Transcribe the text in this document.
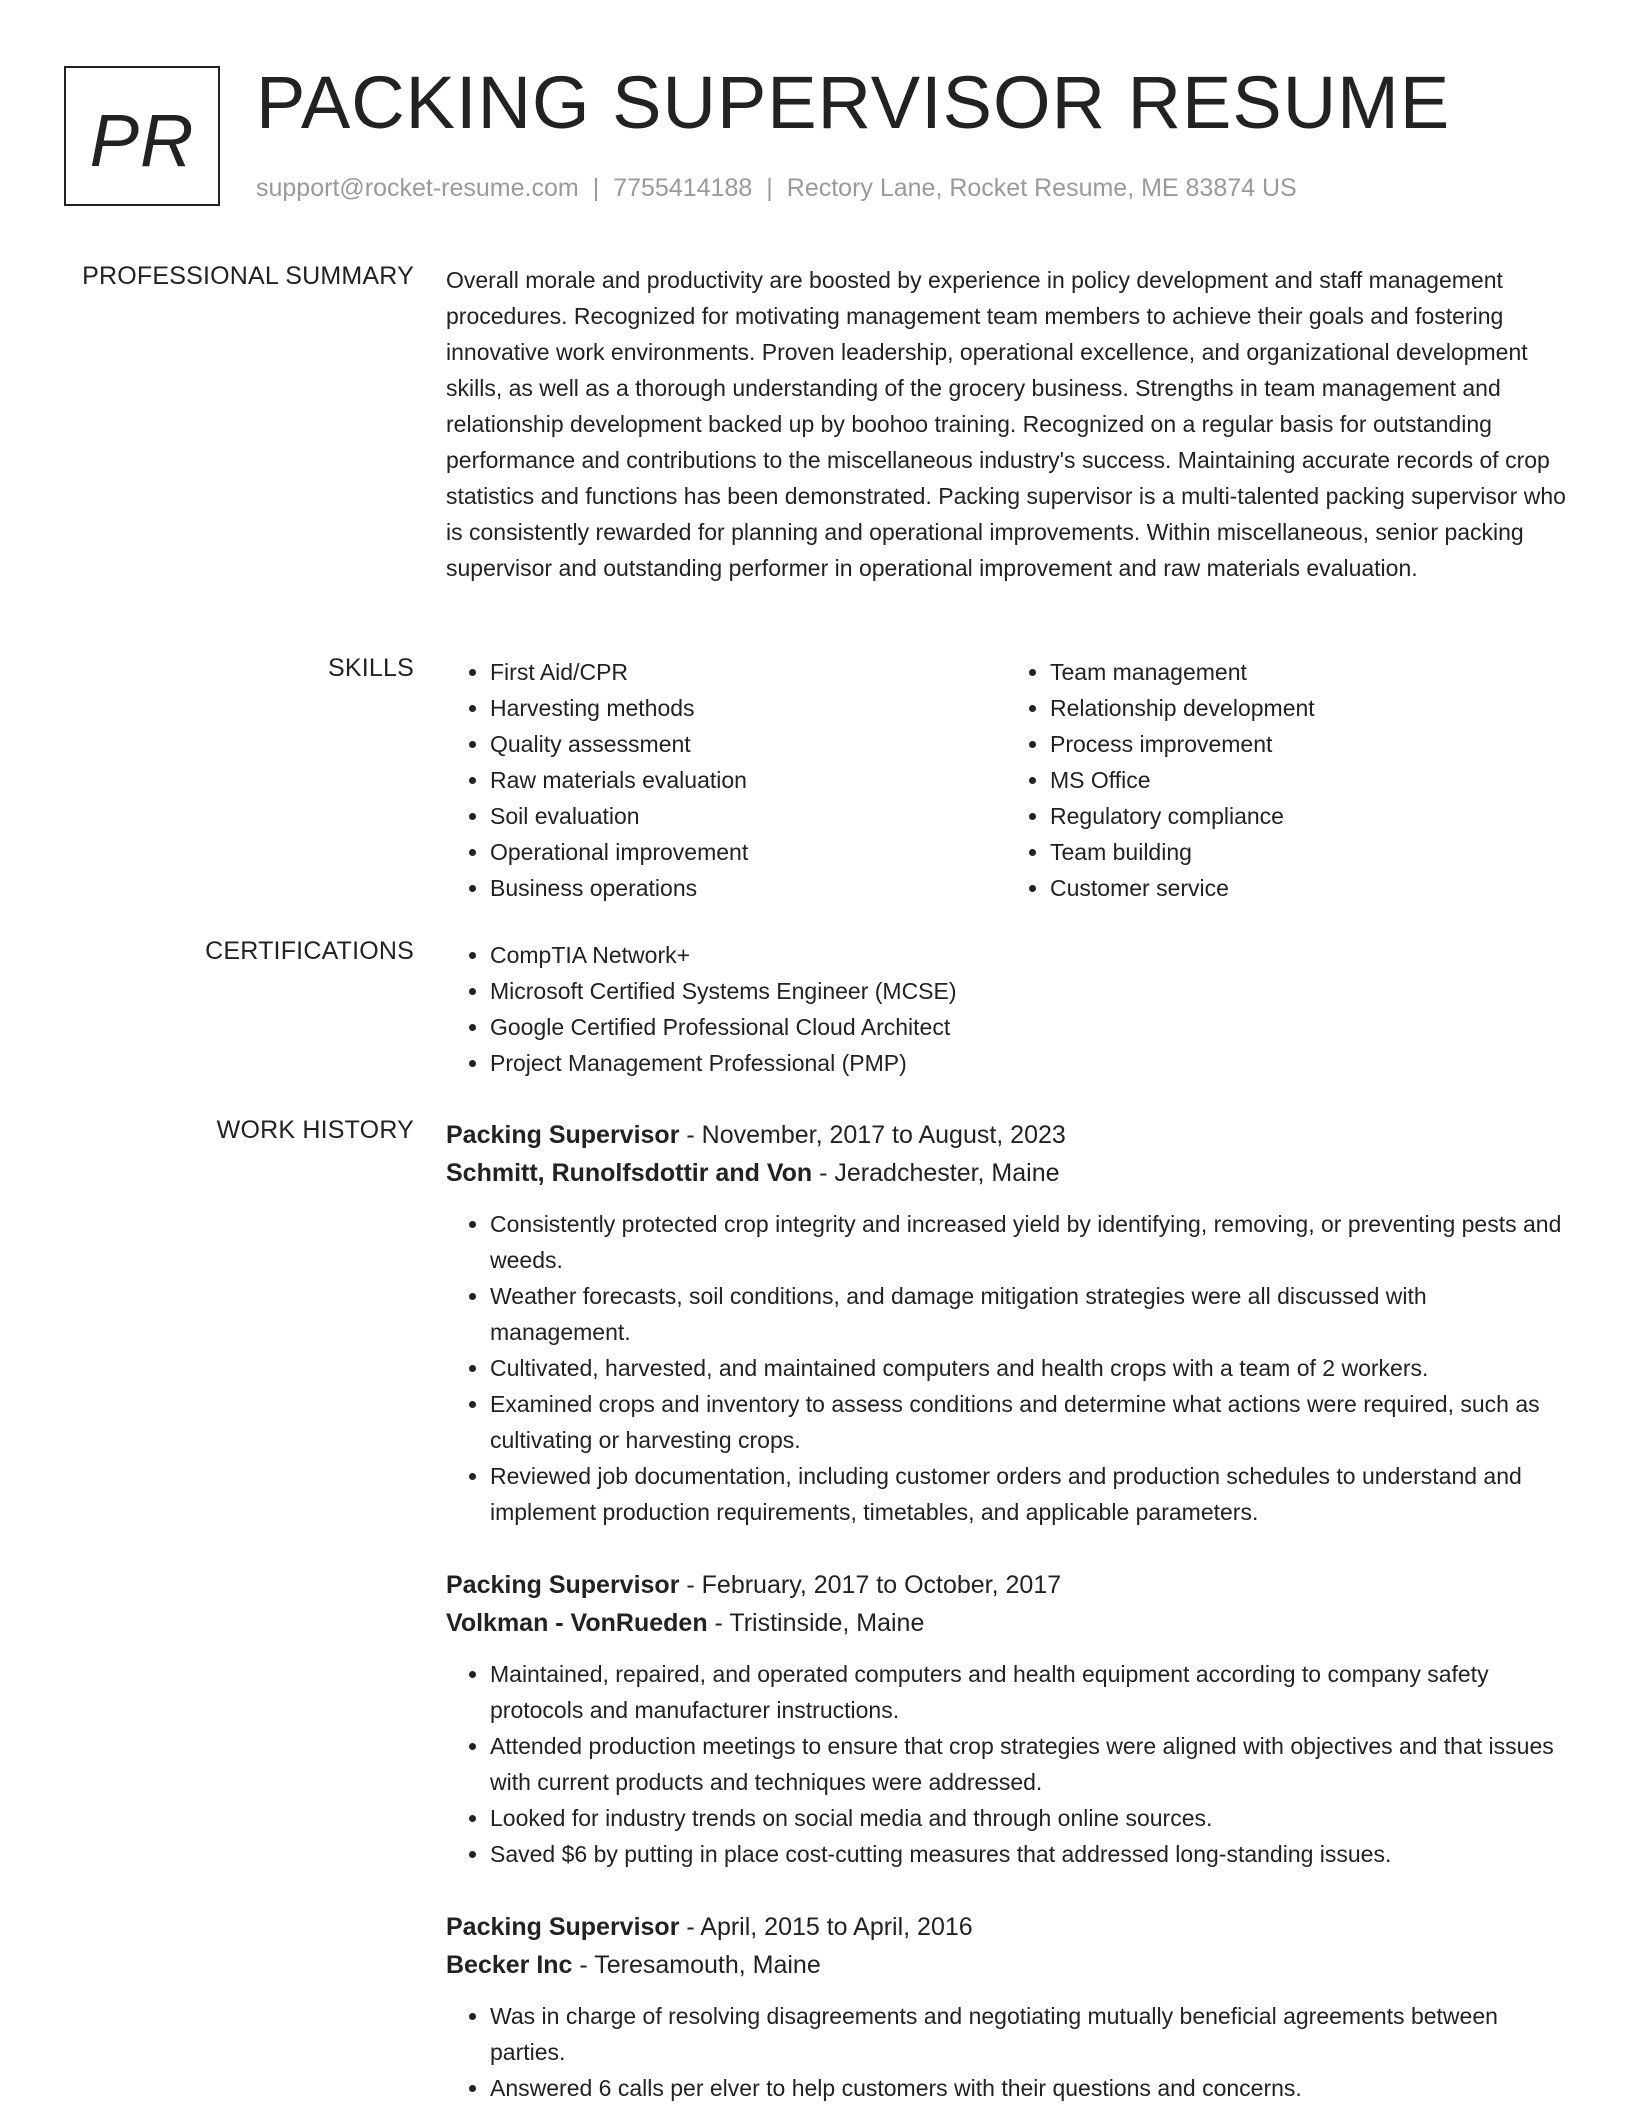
PR PACKING SUPERVISOR RESUME
support@rocket-resume.com | 7755414188 | Rectory Lane, Rocket Resume, ME 83874 US
PROFESSIONAL SUMMARY Overall morale and productivity are boosted by experience in policy development and staff management procedures. Recognized for motivating management team members to achieve their goals and fostering innovative work environments. Proven leadership, operational excellence, and organizational development skills, as well as a thorough understanding of the grocery business. Strengths in team management and relationship development backed up by boohoo training. Recognized on a regular basis for outstanding performance and contributions to the miscellaneous industry's success. Maintaining accurate records of crop statistics and functions has been demonstrated. Packing supervisor is a multi-talented packing supervisor who is consistently rewarded for planning and operational improvements. Within miscellaneous, senior packing supervisor and outstanding performer in operational improvement and raw materials evaluation.

SKILLS	• First Aid/CPR
• Harvesting methods
• Quality assessment
• Raw materials evaluation
• Soil evaluation
• Operational improvement
• Business operations
• Team management
• Relationship development
• Process improvement
• MS Office
• Regulatory compliance
• Team building
• Customer service
CERTIFICATIONS	• CompTIA Network+
• Microsoft Certified Systems Engineer (MCSE)
• Google Certified Professional Cloud Architect
• Project Management Professional (PMP)
WORK HISTORY Packing Supervisor - November, 2017 to August, 2023
Schmitt, Runolfsdottir and Von - Jeradchester, Maine
• Consistently protected crop integrity and increased yield by identifying, removing, or preventing pests and weeds.
• Weather forecasts, soil conditions, and damage mitigation strategies were all discussed with management.
• Cultivated, harvested, and maintained computers and health crops with a team of 2 workers.
• Examined crops and inventory to assess conditions and determine what actions were required, such as cultivating or harvesting crops.
• Reviewed job documentation, including customer orders and production schedules to understand and implement production requirements, timetables, and applicable parameters.
Packing Supervisor - February, 2017 to October, 2017
Volkman - VonRueden - Tristinside, Maine
• Maintained, repaired, and operated computers and health equipment according to company safety protocols and manufacturer instructions.
• Attended production meetings to ensure that crop strategies were aligned with objectives and that issues with current products and techniques were addressed.
• Looked for industry trends on social media and through online sources.
• Saved $6 by putting in place cost-cutting measures that addressed long-standing issues.
Packing Supervisor - April, 2015 to April, 2016
Becker Inc - Teresamouth, Maine
• Was in charge of resolving disagreements and negotiating mutually beneficial agreements between parties.
• Answered 6 calls per elver to help customers with their questions and concerns.
